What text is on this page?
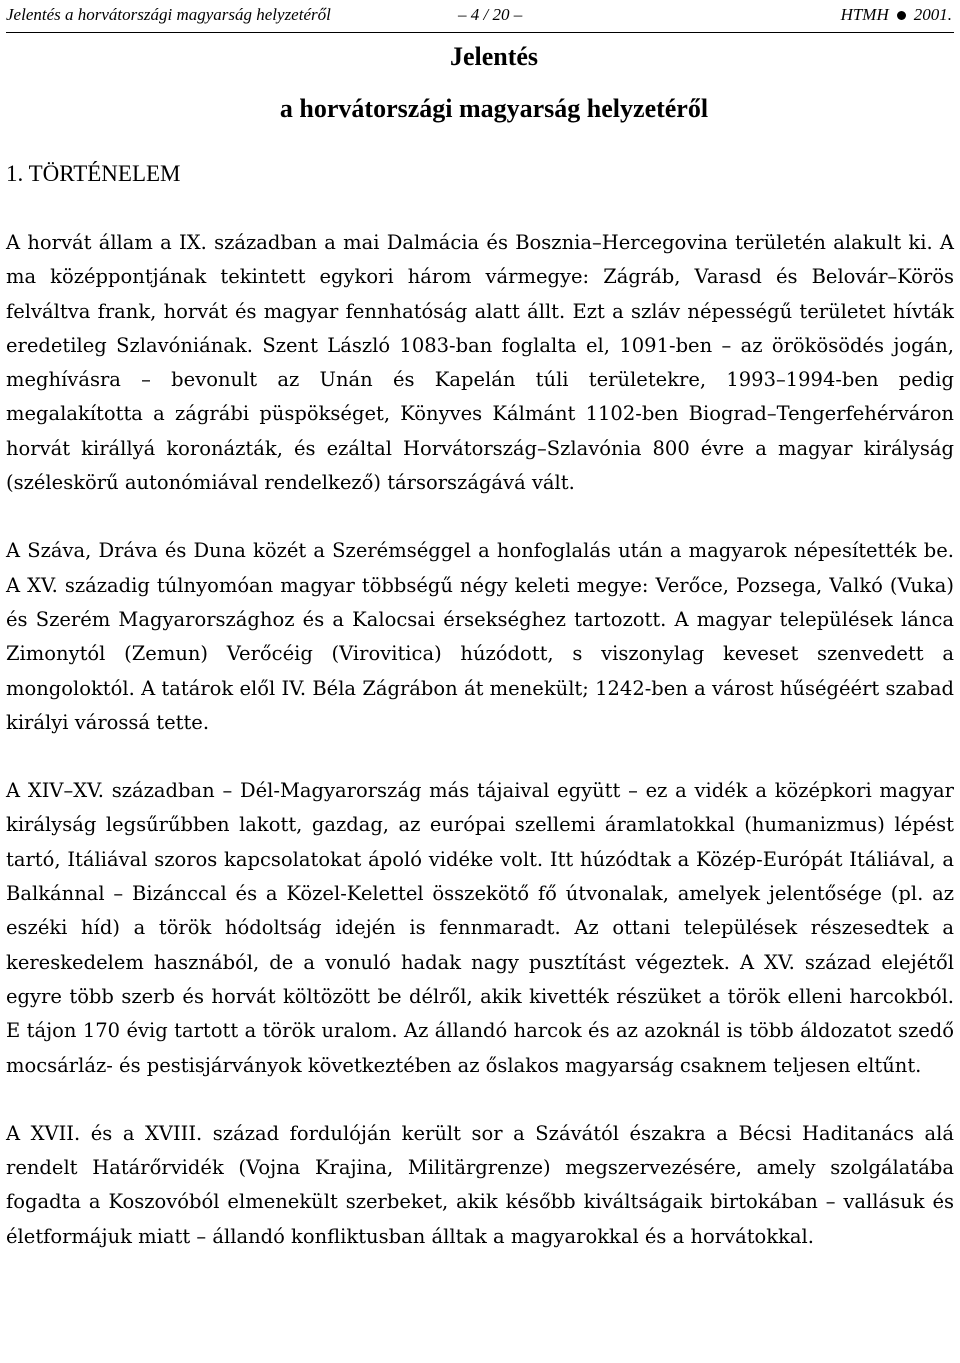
Jelentés a horvátországi magyarság helyzetéről	– 4 / 20 –	HTMH 2001.
Jelentés
a horvátországi magyarság helyzetéről
1. TÖRTÉNELEM

A horvát állam a IX. században a mai Dalmácia és Bosznia–Hercegovina területén alakult ki. A ma középpontjának tekintett egykori három vármegye: Zágráb, Varasd és Belovár–Körös felváltva frank, horvát és magyar fennhatóság alatt állt. Ezt a szláv népességű területet hívták eredetileg Szlavóniának. Szent László 1083-ban foglalta el, 1091-ben – az örökösödés jogán, meghívásra – bevonult az Unán és Kapelán túli területekre, 1993–1994-ben pedig megalakította a zágrábi püspökséget, Könyves Kálmánt 1102-ben Biograd–Tengerfehérváron horvát királlyá koronázták, és ezáltal Horvátország–Szlavónia 800 évre a magyar királyság (széleskörű autonómiával rendelkező) társországává vált.

A Száva, Dráva és Duna közét a Szerémséggel a honfoglalás után a magyarok népesítették be. A XV. századig túlnyomóan magyar többségű négy keleti megye: Verőce, Pozsega, Valkó (Vuka) és Szerém Magyarországhoz és a Kalocsai érsekséghez tartozott. A magyar települések lánca Zimonytól (Zemun) Verőcéig (Virovitica) húzódott, s viszonylag keveset szenvedett a mongoloktól. A tatárok elől IV. Béla Zágrábon át menekült; 1242-ben a várost hűségéért szabad királyi várossá tette.

A XIV–XV. században – Dél-Magyarország más tájaival együtt – ez a vidék a középkori magyar királyság legsűrűbben lakott, gazdag, az európai szellemi áramlatokkal (humanizmus) lépést tartó, Itáliával szoros kapcsolatokat ápoló vidéke volt. Itt húzódtak a Közép-Európát Itáliával, a Balkánnal – Bizánccal és a Közel-Kelettel összekötő fő útvonalak, amelyek jelentősége (pl. az eszéki híd) a török hódoltság idején is fennmaradt. Az ottani települések részesedtek a kereskedelem hasznából, de a vonuló hadak nagy pusztítást végeztek. A XV. század elejétől egyre több szerb és horvát költözött be délről, akik kivették részüket a török elleni harcokból. E tájon 170 évig tartott a török uralom. Az állandó harcok és az azoknál is több áldozatot szedő mocsárláz- és pestisjárványok következtében az őslakos magyarság csaknem teljesen eltűnt.

A XVII. és a XVIII. század fordulóján került sor a Szávától északra a Bécsi Haditanács alá rendelt Határőrvidék (Vojna Krajina, Militärgrenze) megszervezésére, amely szolgálatába fogadta a Koszovóból elmenekült szerbeket, akik később kiváltságaik birtokában – vallásuk és életformájuk miatt – állandó konfliktusban álltak a magyarokkal és a horvátokkal.
